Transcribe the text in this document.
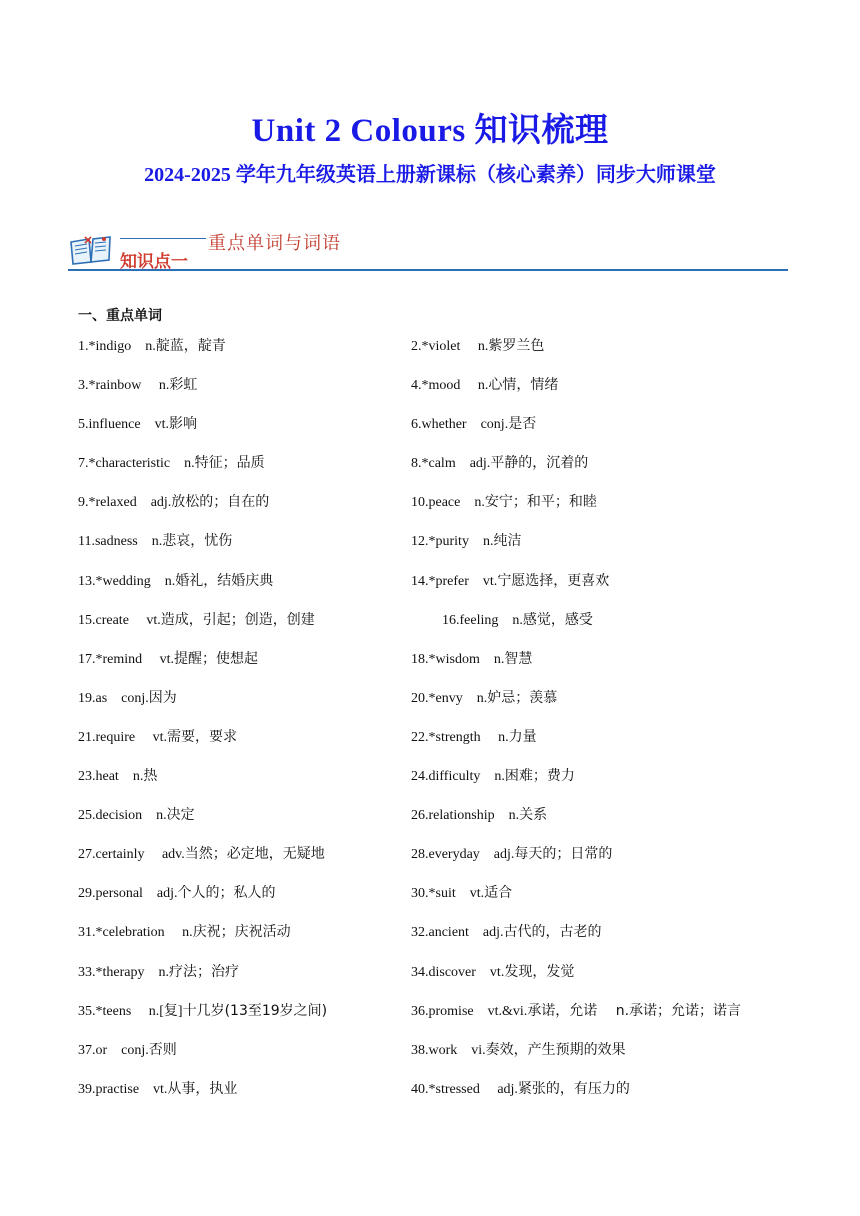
Unit 2 Colours 知识梳理
2024-2025 学年九年级英语上册新课标（核心素养）同步大师课堂
知识点一
重点单词与词语
一、重点单词
1.*indigo　n.靛蓝，靛青	2.*violet　 n.紫罗兰色
3.*rainbow　 n.彩虹	4.*mood　 n.心情，情绪
5.influence　vt.影响	6.whether　conj.是否
7.*characteristic　n.特征；品质	8.*calm　adj.平静的，沉着的
9.*relaxed　adj.放松的；自在的	10.peace　n.安宁；和平；和睦
11.sadness　n.悲哀，忧伤	12.*purity　n.纯洁
13.*wedding　n.婚礼，结婚庆典	14.*prefer　vt.宁愿选择，更喜欢
15.create　 vt.造成，引起；创造，创建	16.feeling　n.感觉，感受
17.*remind　 vt.提醒；使想起	18.*wisdom　n.智慧
19.as　conj.因为	20.*envy　n.妒忌；羡慕
21.require　 vt.需要，要求	22.*strength　 n.力量
23.heat　n.热	24.difficulty　n.困难；费力
25.decision　n.决定	26.relationship　n.关系
27.certainly　 adv.当然；必定地，无疑地	28.everyday　adj.每天的；日常的
29.personal　adj.个人的；私人的	30.*suit　vt.适合
31.*celebration　 n.庆祝；庆祝活动	32.ancient　adj.古代的，古老的
33.*therapy　n.疗法；治疗	34.discover　vt.发现，发觉
35.*teens　 n.[复]十几岁(13至19岁之间)	36.promise　vt.&vi.承诺，允诺　 n.承诺；允诺；诺言
37.or　conj.否则	38.work　vi.奏效，产生预期的效果
39.practise　vt.从事，执业	40.*stressed　 adj.紧张的，有压力的
